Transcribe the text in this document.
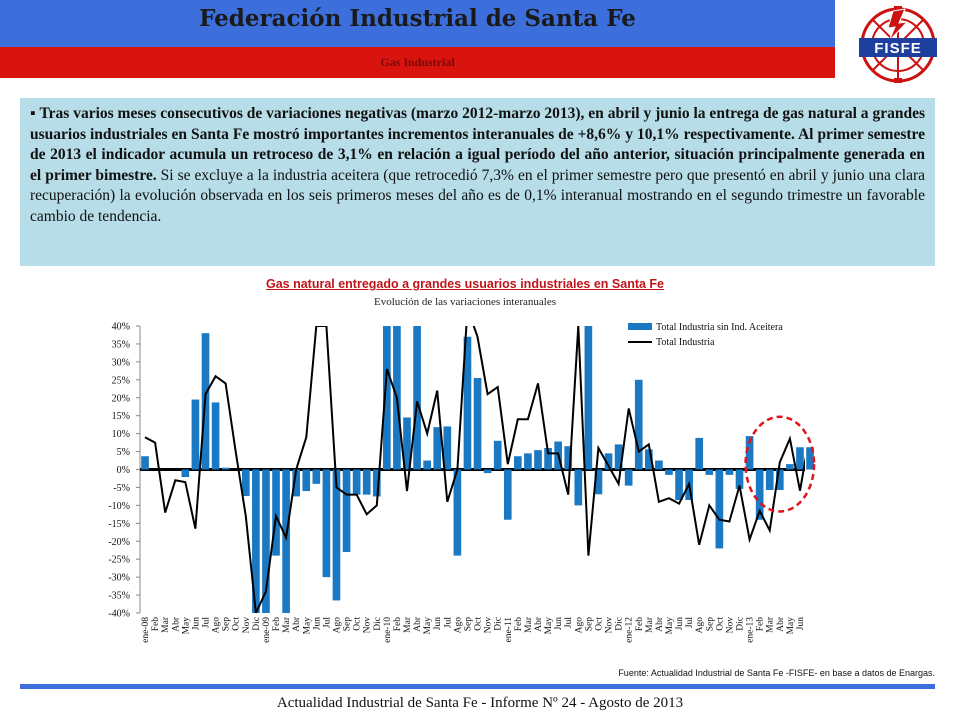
Federación Industrial de Santa Fe
Gas Industrial
FISFE
▪ Tras varios meses consecutivos de variaciones negativas (marzo 2012-marzo 2013), en abril y junio la entrega de gas natural a grandes usuarios industriales en Santa Fe mostró importantes incrementos interanuales de +8,6% y 10,1% respectivamente. Al primer semestre de 2013 el indicador acumula un retroceso de 3,1% en relación a igual período del año anterior, situación principalmente generada en el primer bimestre. Si se excluye a la industria aceitera (que retrocedió 7,3% en el primer semestre pero que presentó en abril y junio una clara recuperación) la evolución observada en los seis primeros meses del año es de 0,1% interanual mostrando en el segundo trimestre un favorable cambio de tendencia.
Gas natural entregado a grandes usuarios industriales en Santa Fe
Evolución de las variaciones interanuales
40%
35%
30%
25%
20%
15%
10%
5%
0%
-5%
-10%
-15%
-20%
-25%
-30%
-35%
-40%
ene-08 Feb Mar Abr May Jun Jul Ago Sep Oct Nov Dic ene-09 Feb Mar Abr May Jun Jul Ago Sep Oct Nov Dic ene-10 Feb Mar Abr May Jun Jul Ago Sep Oct Nov Dic ene-11 Feb Mar Abr May Jun Jul Ago Sep Oct Nov Dic ene-12 Feb Mar Abr May Jun Jul Ago Sep Oct Nov Dic ene-13 Feb Mar Abr May Jun
Total Industria sin Ind. Aceitera
Total Industria
Fuente: Actualidad Industrial de Santa Fe -FISFE- en base a datos de Enargas.
Actualidad Industrial de Santa Fe - Informe Nº 24 - Agosto de 2013
